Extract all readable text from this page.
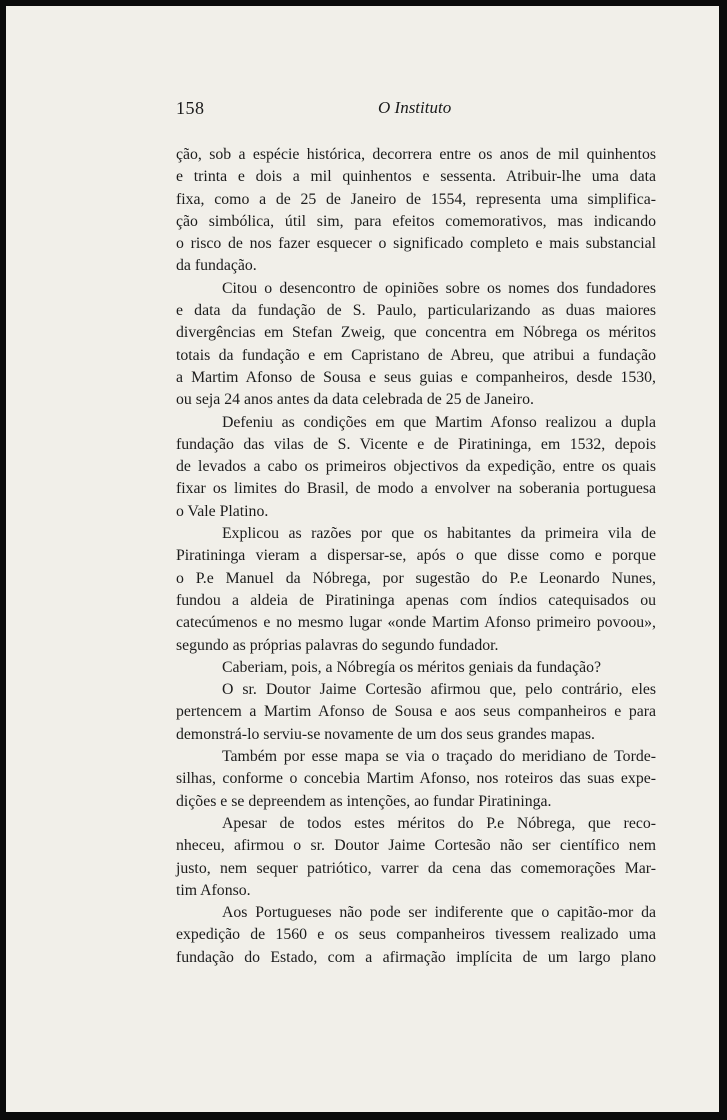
158	O Instituto
ção, sob a espécie histórica, decorrera entre os anos de mil quinhentos
e trinta e dois a mil quinhentos e sessenta. Atribuir-lhe uma data
fixa, como a de 25 de Janeiro de 1554, representa uma simplifica-
ção simbólica, útil sim, para efeitos comemorativos, mas indicando
o risco de nos fazer esquecer o significado completo e mais substancial
da fundação.
Citou o desencontro de opiniões sobre os nomes dos fundadores
e data da fundação de S. Paulo, particularizando as duas maiores
divergências em Stefan Zweig, que concentra em Nóbrega os méritos
totais da fundação e em Capristano de Abreu, que atribui a fundação
a Martim Afonso de Sousa e seus guias e companheiros, desde 1530,
ou seja 24 anos antes da data celebrada de 25 de Janeiro.
Defeniu as condições em que Martim Afonso realizou a dupla
fundação das vilas de S. Vicente e de Piratininga, em 1532, depois
de levados a cabo os primeiros objectivos da expedição, entre os quais
fixar os limites do Brasil, de modo a envolver na soberania portuguesa
o Vale Platino.
Explicou as razões por que os habitantes da primeira vila de
Piratininga vieram a dispersar-se, após o que disse como e porque
o P.e Manuel da Nóbrega, por sugestão do P.e Leonardo Nunes,
fundou a aldeia de Piratininga apenas com índios catequisados ou
catecúmenos e no mesmo lugar «onde Martim Afonso primeiro povoou»,
segundo as próprias palavras do segundo fundador.
Caberiam, pois, a Nóbregía os méritos geniais da fundação?
O sr. Doutor Jaime Cortesão afirmou que, pelo contrário, eles
pertencem a Martim Afonso de Sousa e aos seus companheiros e para
demonstrá-lo serviu-se novamente de um dos seus grandes mapas.
Também por esse mapa se via o traçado do meridiano de Torde-
silhas, conforme o concebia Martim Afonso, nos roteiros das suas expe-
dições e se depreendem as intenções, ao fundar Piratininga.
Apesar de todos estes méritos do P.e Nóbrega, que reco-
nheceu, afirmou o sr. Doutor Jaime Cortesão não ser científico nem
justo, nem sequer patriótico, varrer da cena das comemorações Mar-
tim Afonso.
Aos Portugueses não pode ser indiferente que o capitão-mor da
expedição de 1560 e os seus companheiros tivessem realizado uma
fundação do Estado, com a afirmação implícita de um largo plano
